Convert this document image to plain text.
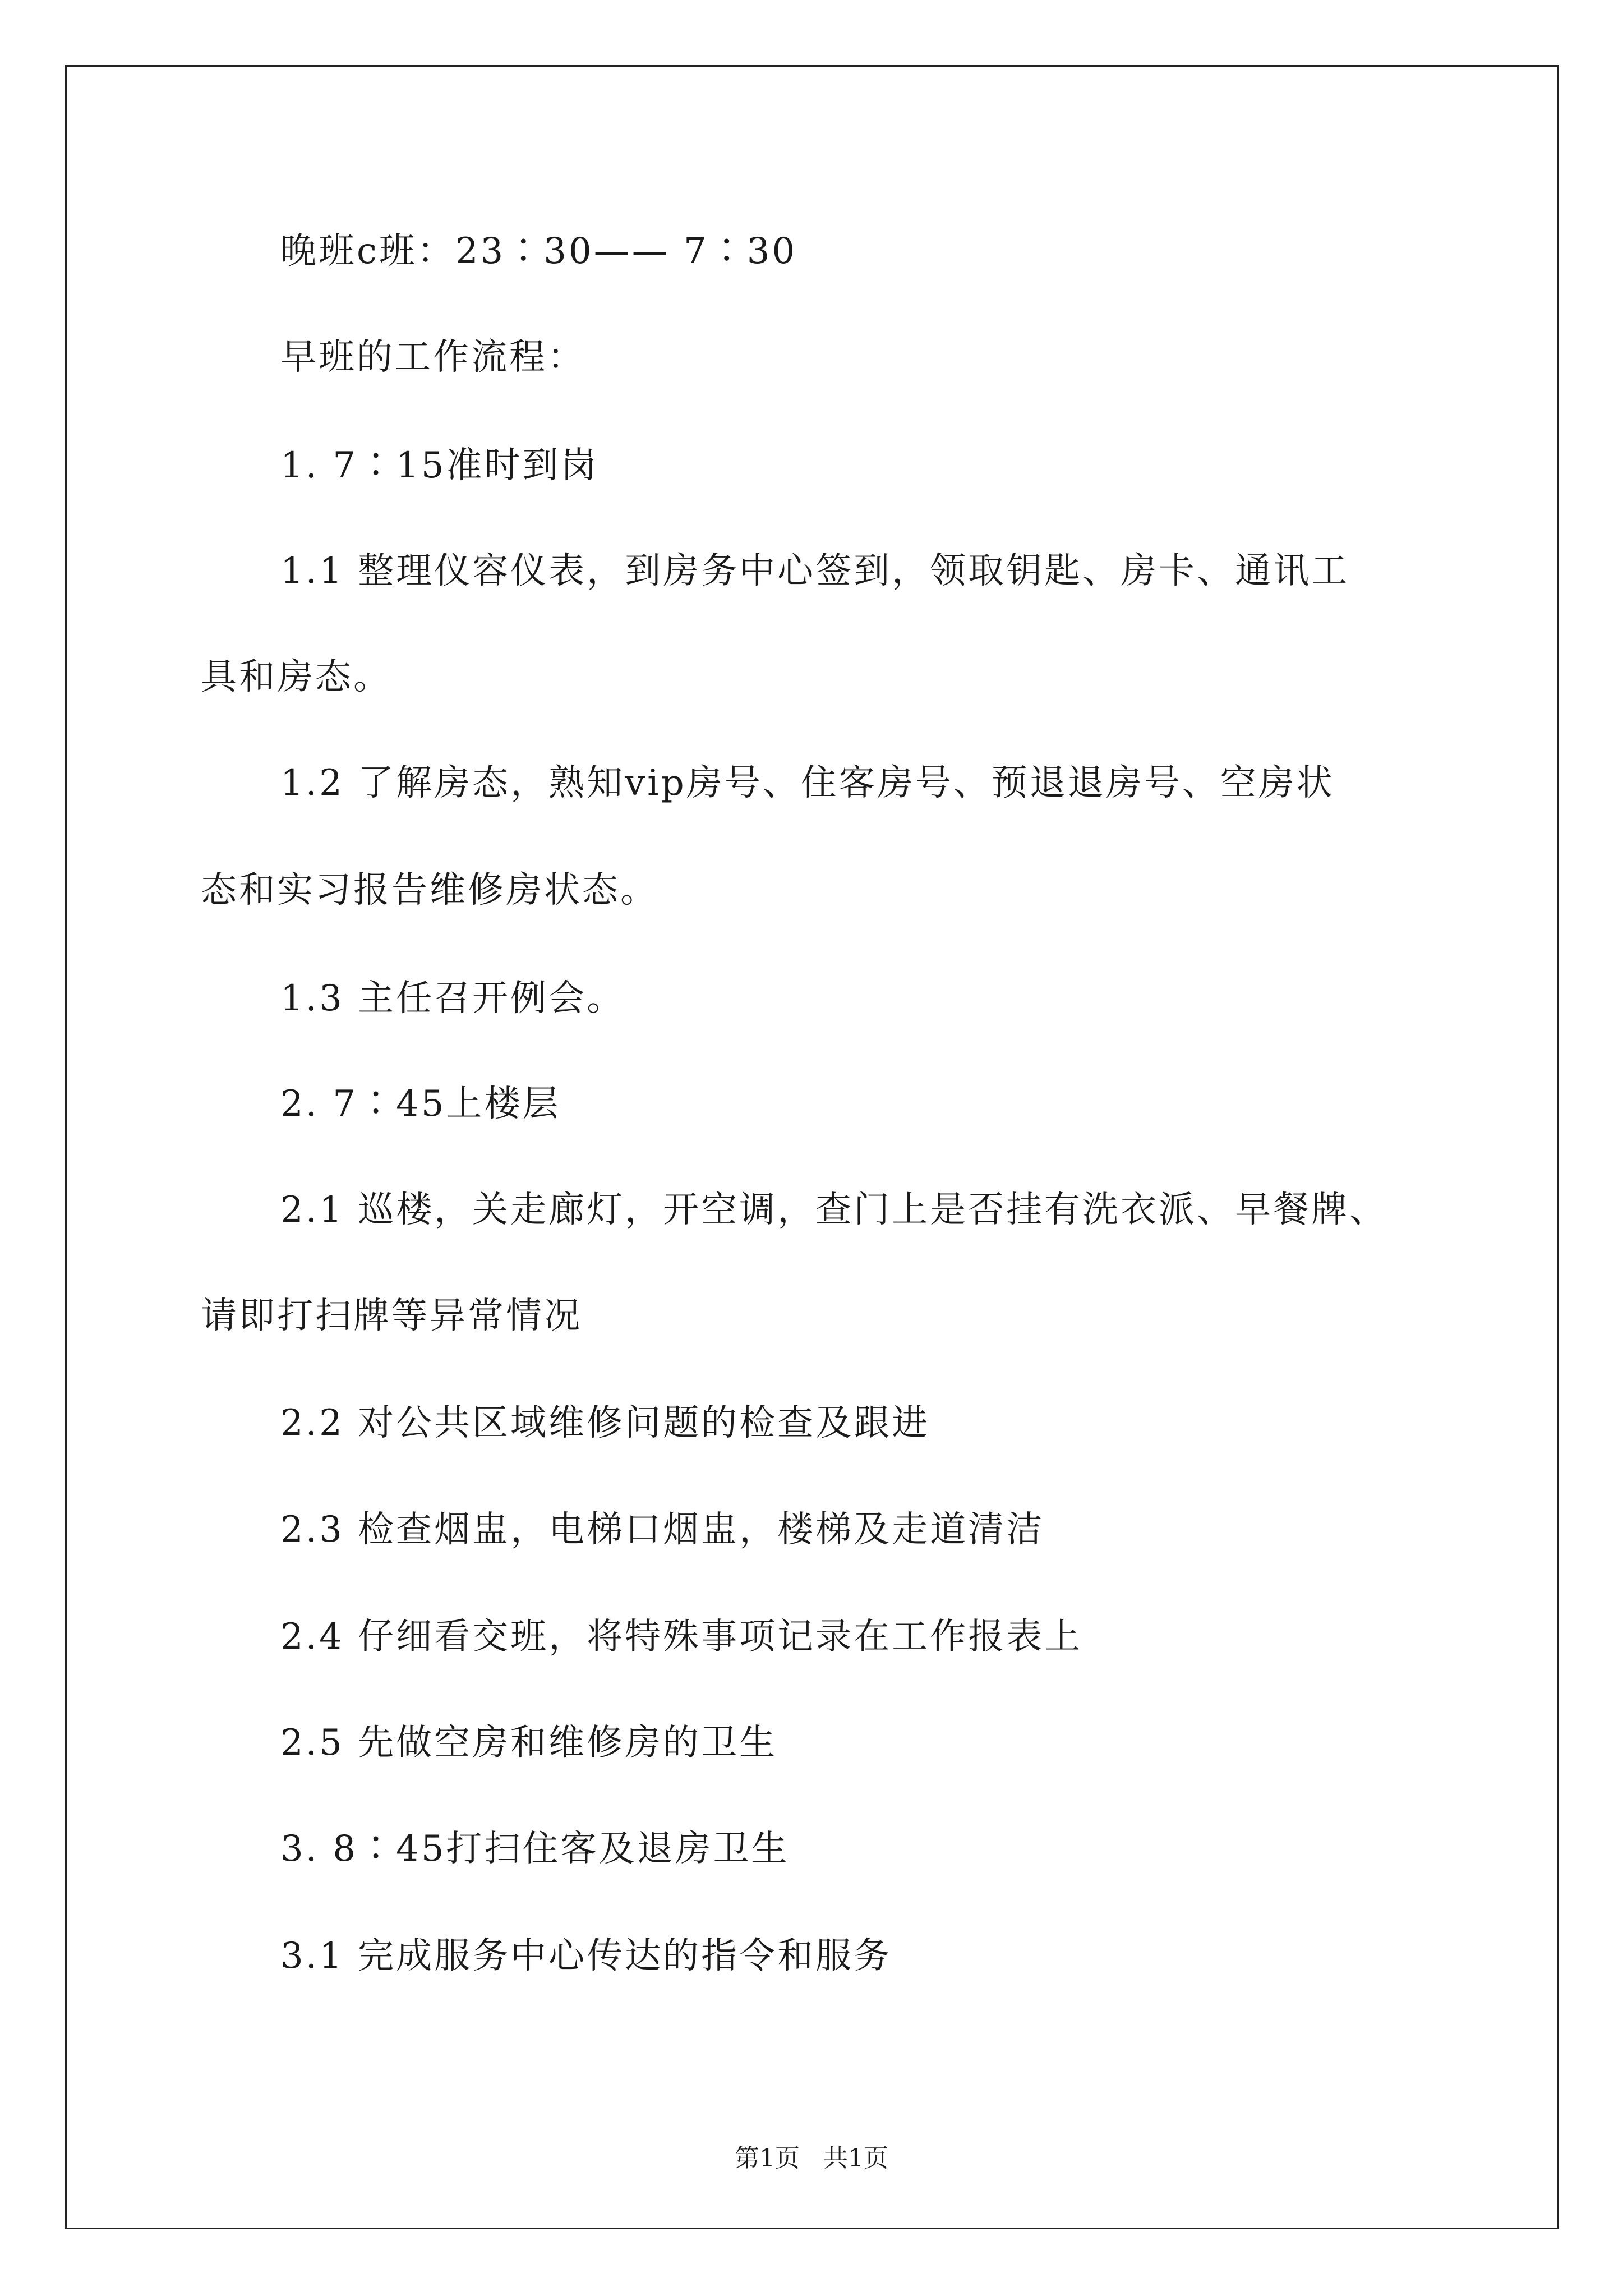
晚班c班：23∶30—— 7∶30
早班的工作流程：
1. 7∶15准时到岗
1.1 整理仪容仪表，到房务中心签到，领取钥匙、房卡、通讯工
具和房态。
1.2 了解房态，熟知vip房号、住客房号、预退退房号、空房状
态和实习报告维修房状态。
1.3 主任召开例会。
2. 7∶45上楼层
2.1 巡楼，关走廊灯，开空调，查门上是否挂有洗衣派、早餐牌、
请即打扫牌等异常情况
2.2 对公共区域维修问题的检查及跟进
2.3 检查烟盅，电梯口烟盅，楼梯及走道清洁
2.4 仔细看交班，将特殊事项记录在工作报表上
2.5 先做空房和维修房的卫生
3. 8∶45打扫住客及退房卫生
3.1 完成服务中心传达的指令和服务
第1页   共1页
